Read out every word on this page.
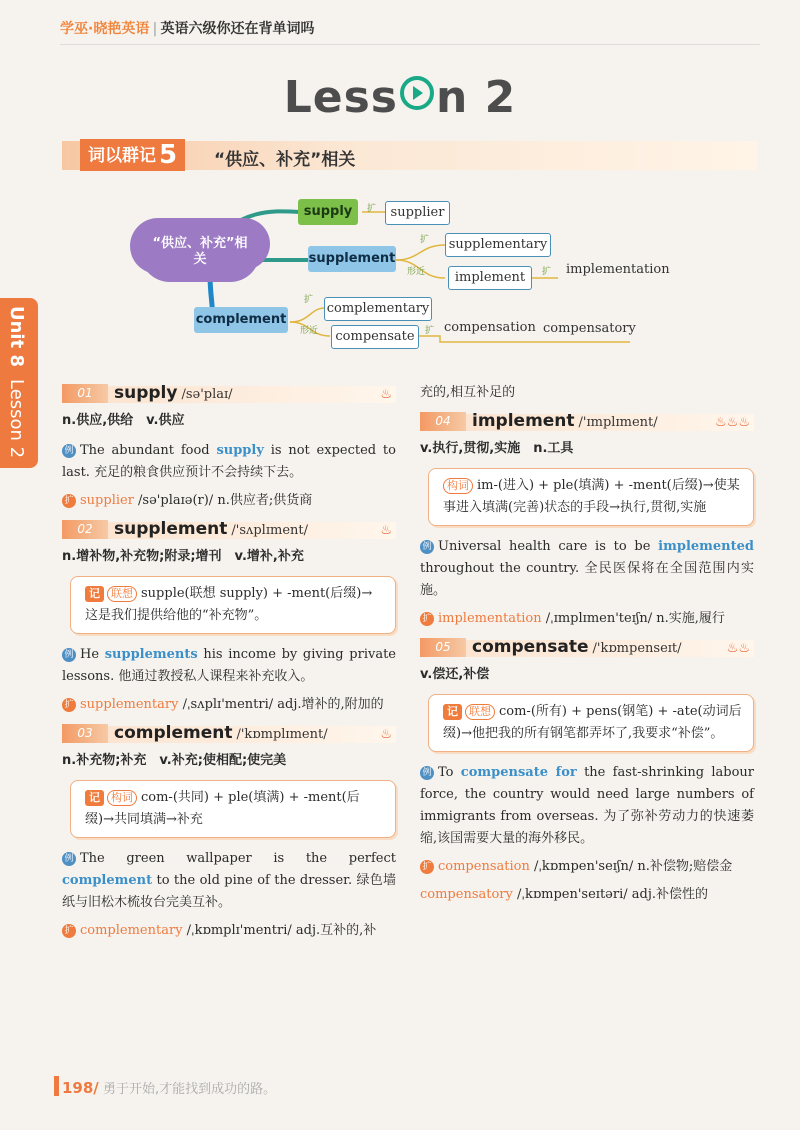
学巫·晓艳英语 | 英语六级你还在背单词吗
Less n 2
词以群记 5	“供应、补充”相关
Unit 8 Lesson 2
“供应、补充”相关
supply	扩	supplier
supplement
扩 supplementary
形近	implement	扩 implementation
complement
扩
complementary
形近	compensate	扩 compensation compensatory
01	supply /sə'plaɪ/	♨
n.供应,供给　v.供应
例 The abundant food supply is not expected to last. 充足的粮食供应预计不会持续下去。
扩 supplier /sə'plaɪə(r)/ n.供应者;供货商
02	supplement /'sʌplɪment/	♨
n.增补物,补充物;附录;增刊　v.增补,补充
记 联想 supple(联想 supply) + -ment(后缀)→这是我们提供给他的“补充物”。
例 He supplements his income by giving private lessons. 他通过教授私人课程来补充收入。
扩 supplementary /ˌsʌplɪ'mentri/ adj.增补的,附加的
03	complement /'kɒmplɪment/	♨
n.补充物;补充　v.补充;使相配;使完美
记 构词 com-(共同) + ple(填满) + -ment(后缀)→共同填满→补充
例 The green wallpaper is the perfect complement to the old pine of the dresser. 绿色墙纸与旧松木梳妆台完美互补。
扩 complementary /ˌkɒmplɪ'mentri/ adj.互补的,补
充的,相互补足的
04	implement /'ɪmplɪment/	♨♨♨
v.执行,贯彻,实施　n.工具
构词 im-(进入) + ple(填满) + -ment(后缀)→使某事进入填满(完善)状态的手段→执行,贯彻,实施
例 Universal health care is to be implemented throughout the country. 全民医保将在全国范围内实施。
扩 implementation /ˌɪmplɪmen'teɪʃn/ n.实施,履行
05	compensate /'kɒmpenseɪt/	♨♨
v.偿还,补偿
记 联想 com-(所有) + pens(钢笔) + -ate(动词后缀)→他把我的所有钢笔都弄坏了,我要求“补偿”。
例 To compensate for the fast-shrinking labour force, the country would need large numbers of immigrants from overseas. 为了弥补劳动力的快速萎缩,该国需要大量的海外移民。
扩 compensation /ˌkɒmpen'seɪʃn/ n.补偿物;赔偿金
compensatory /ˌkɒmpen'seɪtəri/ adj.补偿性的
198/ 勇于开始,才能找到成功的路。
